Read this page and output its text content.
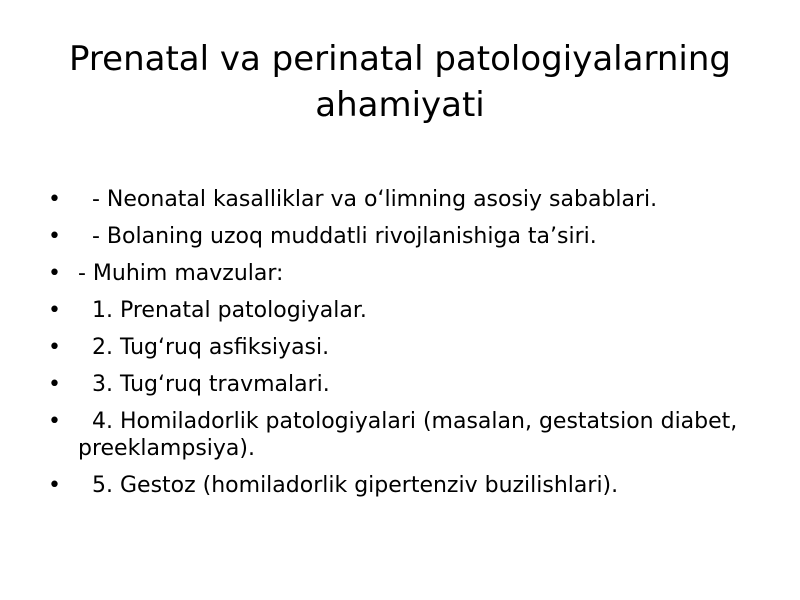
Prenatal va perinatal patologiyalarning ahamiyati
• - Neonatal kasalliklar va o‘limning asosiy sabablari.
• - Bolaning uzoq muddatli rivojlanishiga ta’siri.
• - Muhim mavzular:
• 1. Prenatal patologiyalar.
• 2. Tug‘ruq asfiksiyasi.
• 3. Tug‘ruq travmalari.
• 4. Homiladorlik patologiyalari (masalan, gestatsion diabet, preeklampsiya).
• 5. Gestoz (homiladorlik gipertenziv buzilishlari).
